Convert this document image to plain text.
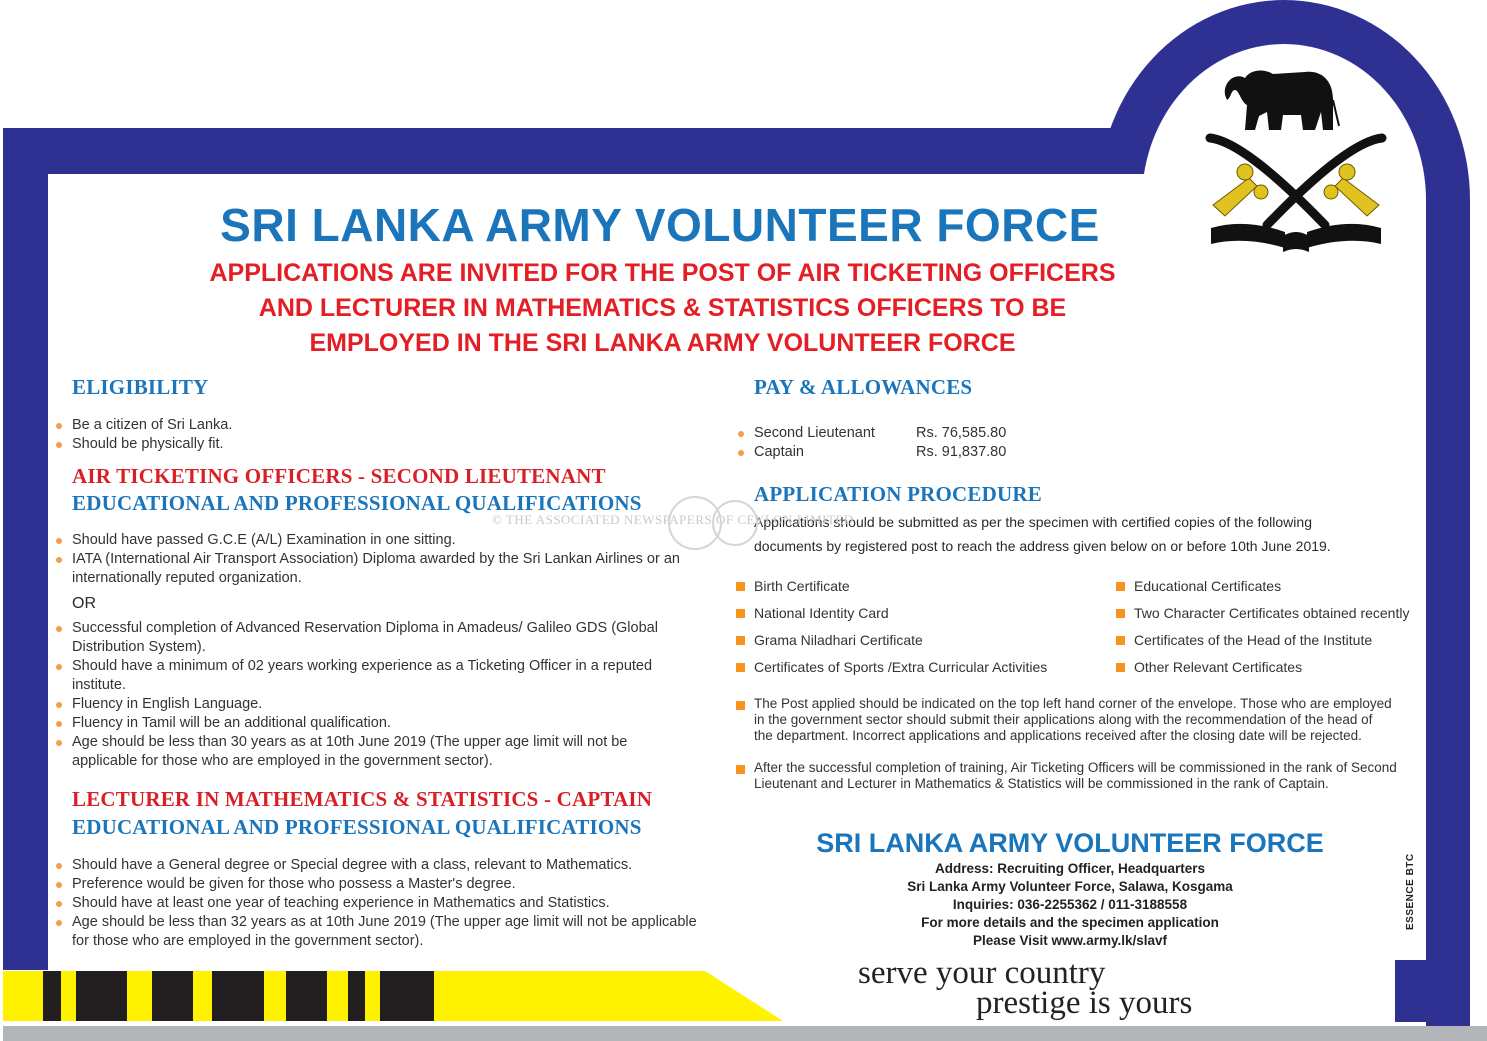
SRI LANKA ARMY VOLUNTEER FORCE
APPLICATIONS ARE INVITED FOR THE POST OF AIR TICKETING OFFICERS
AND LECTURER IN MATHEMATICS & STATISTICS OFFICERS TO BE
EMPLOYED IN THE SRI LANKA ARMY VOLUNTEER FORCE
ELIGIBILITY
Be a citizen of Sri Lanka.
Should be physically fit.
AIR TICKETING OFFICERS - SECOND LIEUTENANT
EDUCATIONAL AND PROFESSIONAL QUALIFICATIONS
Should have passed G.C.E (A/L) Examination in one sitting.
IATA (International Air Transport Association) Diploma awarded by the Sri Lankan Airlines or an internationally reputed organization.

OR

Successful completion of Advanced Reservation Diploma in Amadeus/ Galileo GDS (Global Distribution System).
Should have a minimum of 02 years working experience as a Ticketing Officer in a reputed institute.
Fluency in English Language.
Fluency in Tamil will be an additional qualification.
Age should be less than 30 years as at 10th June 2019 (The upper age limit will not be applicable for those who are employed in the government sector).
LECTURER IN MATHEMATICS & STATISTICS - CAPTAIN
EDUCATIONAL AND PROFESSIONAL QUALIFICATIONS
Should have a General degree or Special degree with a class, relevant to Mathematics.
Preference would be given for those who possess a Master's degree.
Should have at least one year of teaching experience in Mathematics and Statistics.
Age should be less than 32 years as at 10th June 2019 (The upper age limit will not be applicable for those who are employed in the government sector).
PAY & ALLOWANCES
Second Lieutenant	Rs. 76,585.80
Captain	Rs. 91,837.80
APPLICATION PROCEDURE

Applications should be submitted as per the specimen with certified copies of the following documents by registered post to reach the address given below on or before 10th June 2019.

Birth Certificate	Educational Certificates
National Identity Card	Two Character Certificates obtained recently
Grama Niladhari Certificate	Certificates of the Head of the Institute
Certificates of Sports /Extra Curricular Activities	Other Relevant Certificates
The Post applied should be indicated on the top left hand corner of the envelope. Those who are employed in the government sector should submit their applications along with the recommendation of the head of the department. Incorrect applications and applications received after the closing date will be rejected.
After the successful completion of training, Air Ticketing Officers will be commissioned in the rank of Second Lieutenant and Lecturer in Mathematics & Statistics will be commissioned in the rank of Captain.
SRI LANKA ARMY VOLUNTEER FORCE
Address: Recruiting Officer, Headquarters
Sri Lanka Army Volunteer Force, Salawa, Kosgama
Inquiries: 036-2255362 / 011-3188558
For more details and the specimen application
Please Visit www.army.lk/slavf
serve your country
prestige is yours
ESSENCE BTC
© THE ASSOCIATED NEWSPAPERS OF CEYLON LIMITED
